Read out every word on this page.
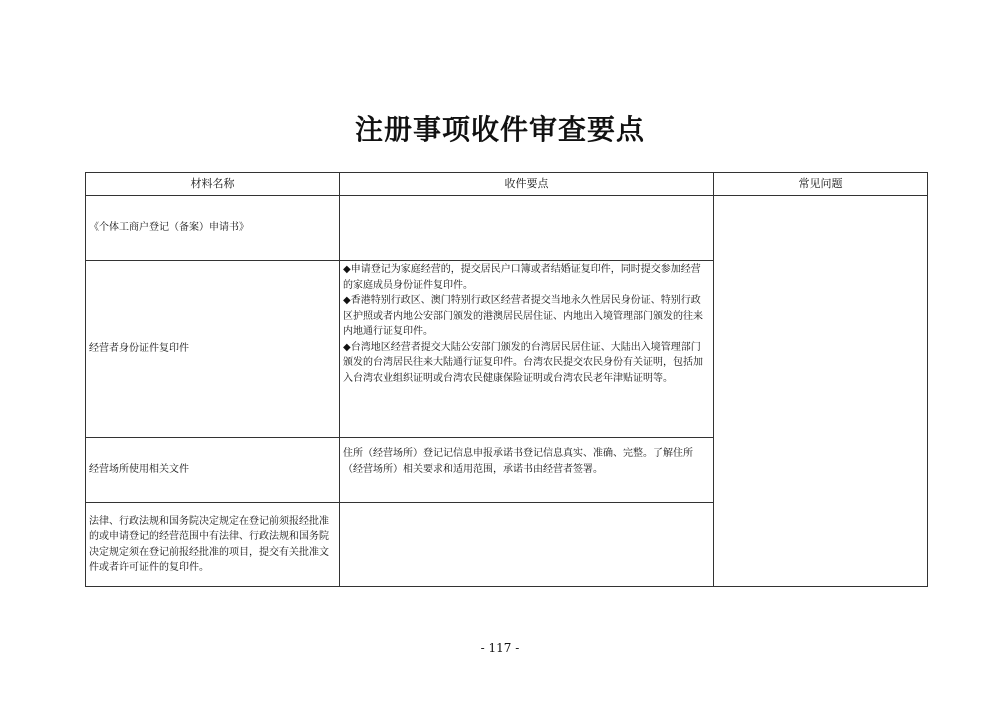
注册事项收件审查要点
材料名称	收件要点	常见问题
《个体工商户登记（备案）申请书》		
经营者身份证件复印件	◆申请登记为家庭经营的，提交居民户口簿或者结婚证复印件，同时提交参加经营的家庭成员身份证件复印件。
◆香港特别行政区、澳门特别行政区经营者提交当地永久性居民身份证、特别行政区护照或者内地公安部门颁发的港澳居民居住证、内地出入境管理部门颁发的往来内地通行证复印件。
◆台湾地区经营者提交大陆公安部门颁发的台湾居民居住证、大陆出入境管理部门颁发的台湾居民往来大陆通行证复印件。台湾农民提交农民身份有关证明，包括加入台湾农业组织证明或台湾农民健康保险证明或台湾农民老年津贴证明等。	

经营场所使用相关文件	住所（经营场所）登记记信息申报承诺书登记信息真实、准确、完整。了解住所（经营场所）相关要求和适用范围，承诺书由经营者签署。	

法律、行政法规和国务院决定规定在登记前须报经批准的或申请登记的经营范围中有法律、行政法规和国务院决定规定须在登记前报经批准的项目，提交有关批准文件或者许可证件的复印件。		
- 117 -
